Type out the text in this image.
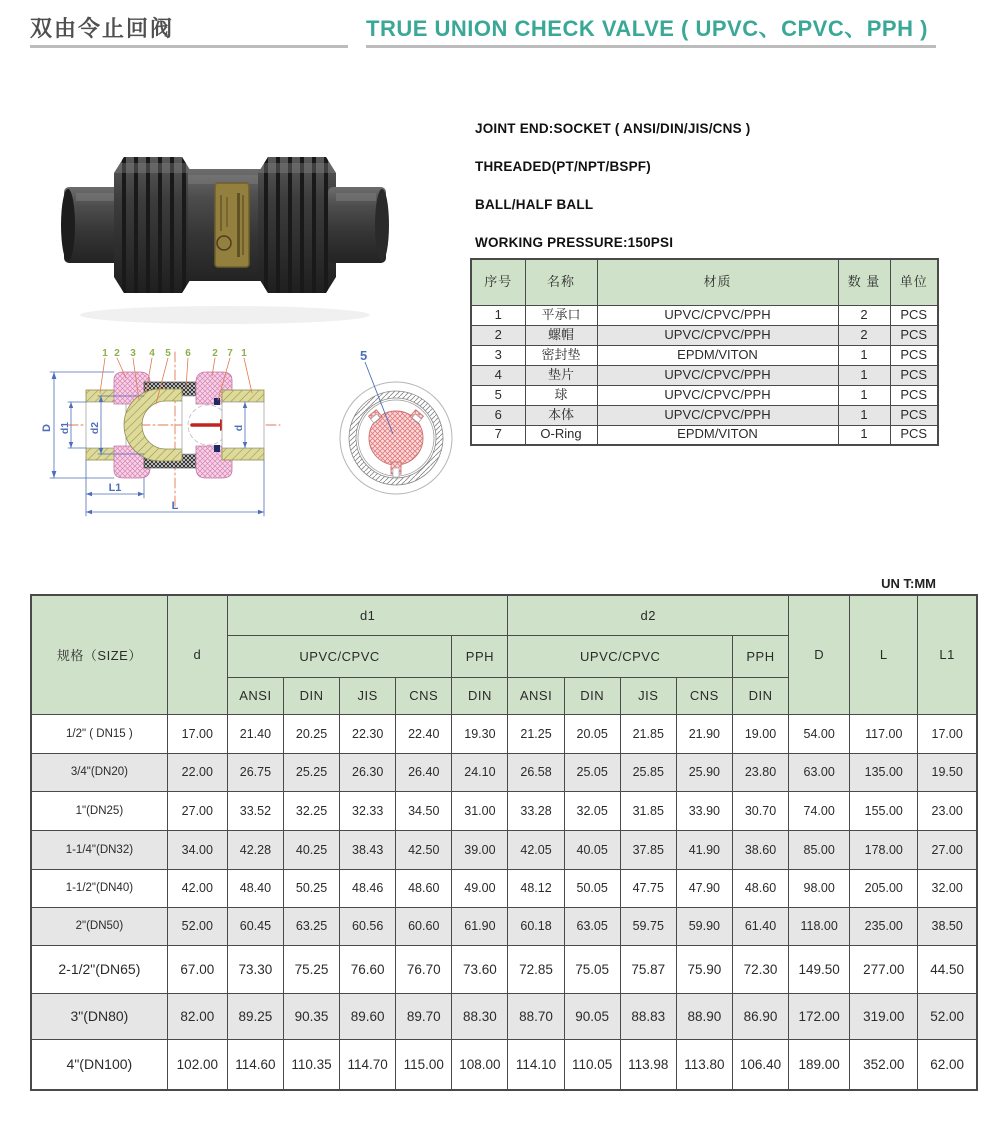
双由令止回阀	TRUE UNION CHECK VALVE ( UPVC、CPVC、PPH )
JOINT END:SOCKET ( ANSI/DIN/JIS/CNS )
THREADED(PT/NPT/BSPF)
BALL/HALF BALL
WORKING PRESSURE:150PSI
序号	名称	材质	数 量	单位
1	平承口	UPVC/CPVC/PPH	2	PCS
2	螺帽	UPVC/CPVC/PPH	2	PCS
3	密封垫	EPDM/VITON	1	PCS
4	垫片	UPVC/CPVC/PPH	1	PCS
5	球	UPVC/CPVC/PPH	1	PCS
6	本体	UPVC/CPVC/PPH	1	PCS
7	O-Ring	EPDM/VITON	1	PCS
D d1 d2	d
L1
L
1 2 3 4 5 6 2 7 1	5
UN T:MM
规格（SIZE）	d	d1					d2					D	L	L1
		UPVC/CPVC				PPH	UPVC/CPVC				PPH			
		ANSI	DIN	JIS	CNS	DIN	ANSI	DIN	JIS	CNS	DIN			
1/2" ( DN15 )	17.00	21.40	20.25	22.30	22.40	19.30	21.25	20.05	21.85	21.90	19.00	54.00	117.00	17.00
3/4"(DN20)	22.00	26.75	25.25	26.30	26.40	24.10	26.58	25.05	25.85	25.90	23.80	63.00	135.00	19.50
1"(DN25)	27.00	33.52	32.25	32.33	34.50	31.00	33.28	32.05	31.85	33.90	30.70	74.00	155.00	23.00
1-1/4"(DN32)	34.00	42.28	40.25	38.43	42.50	39.00	42.05	40.05	37.85	41.90	38.60	85.00	178.00	27.00
1-1/2"(DN40)	42.00	48.40	50.25	48.46	48.60	49.00	48.12	50.05	47.75	47.90	48.60	98.00	205.00	32.00
2"(DN50)	52.00	60.45	63.25	60.56	60.60	61.90	60.18	63.05	59.75	59.90	61.40	118.00	235.00	38.50
2-1/2"(DN65)	67.00	73.30	75.25	76.60	76.70	73.60	72.85	75.05	75.87	75.90	72.30	149.50	277.00	44.50
3"(DN80)	82.00	89.25	90.35	89.60	89.70	88.30	88.70	90.05	88.83	88.90	86.90	172.00	319.00	52.00
4"(DN100)	102.00	114.60	110.35	114.70	115.00	108.00	114.10	110.05	113.98	113.80	106.40	189.00	352.00	62.00
